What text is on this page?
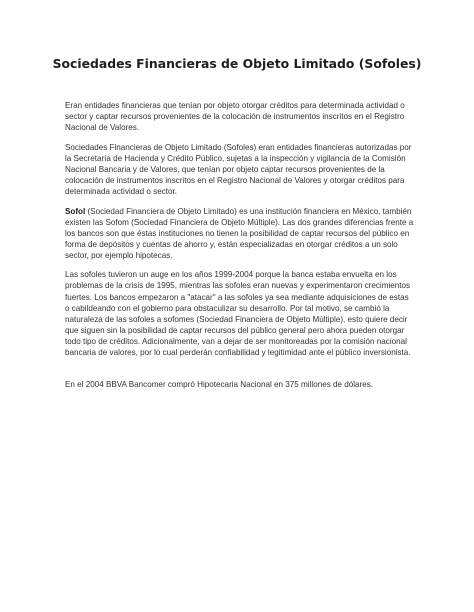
Sociedades Financieras de Objeto Limitado (Sofoles)

Eran entidades financieras que tenían por objeto otorgar créditos para determinada actividad o sector y captar recursos provenientes de la colocación de instrumentos inscritos en el Registro Nacional de Valores.

Sociedades Financieras de Objeto Limitado (Sofoles) eran entidades financieras autorizadas por la Secretaría de Hacienda y Crédito Público, sujetas a la inspección y vigilancia de la Comisión Nacional Bancaria y de Valores, que tenían por objeto captar recursos provenientes de la colocación de instrumentos inscritos en el Registro Nacional de Valores y otorgar créditos para determinada actividad o sector.

Sofol (Sociedad Financiera de Objeto Limitado) es una institución financiera en México, también existen las Sofom (Sociedad Financiera de Objeto Múltiple). Las dos grandes diferencias frente a los bancos son que éstas instituciones no tienen la posibilidad de captar recursos del público en forma de depósitos y cuentas de ahorro y, están especializadas en otorgar créditos a un solo sector, por ejemplo hipotecas.

Las sofoles tuvieron un auge en los años 1999-2004 porque la banca estaba envuelta en los problemas de la crisis de 1995, mientras las sofoles eran nuevas y experimentaron crecimientos fuertes. Los bancos empezaron a "atacar" a las sofoles ya sea mediante adquisiciones de estas o cabildeando con el gobierno para obstaculizar su desarrollo. Por tal motivo, se cambió la naturaleza de las sofoles a sofomes (Sociedad Financiera de Objeto Múltiple), esto quiere decir que siguen sin la posibilidad de captar recursos del público general pero ahora pueden otorgar todo tipo de créditos. Adicionalmente, van a dejar de ser monitoreadas por la comisión nacional bancaria de valores, por lo cual perderán confiabilidad y legitimidad ante el público inversionista.

En el 2004 BBVA Bancomer compró Hipotecaria Nacional en 375 millones de dólares.
